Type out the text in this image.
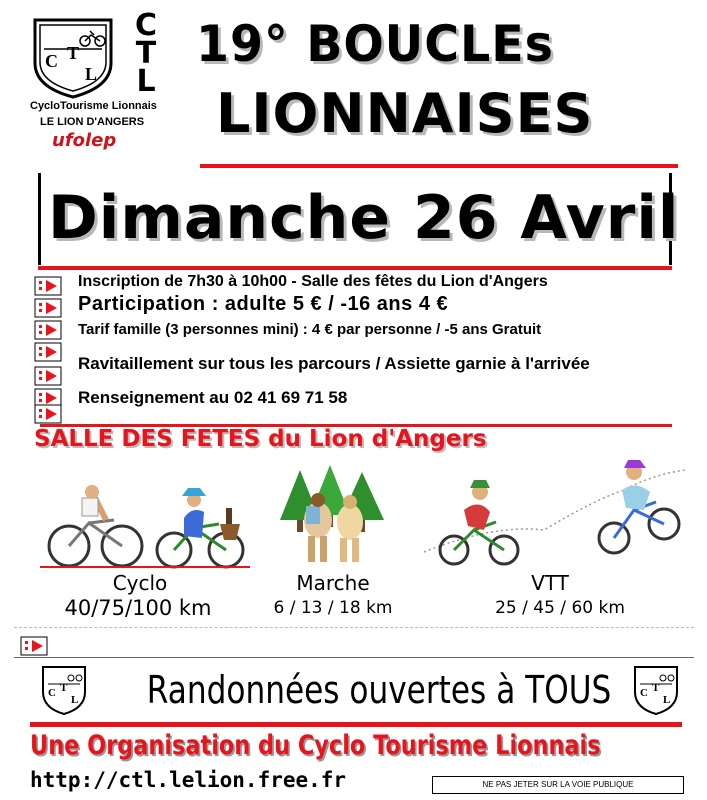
C T
L
C
T
L
CycloTourisme Lionnais
LE LION D'ANGERS
ufolep
19° BOUCLEs
LIONNAISES
Dimanche 26 Avril
Inscription de 7h30 à 10h00 - Salle des fêtes du Lion d'Angers
Participation : adulte 5 € / -16 ans 4 €
Tarif famille (3 personnes mini) : 4 € par personne / -5 ans Gratuit
Ravitaillement sur tous les parcours / Assiette garnie à l'arrivée
Renseignement au 02 41 69 71 58
SALLE DES FETES du Lion d'Angers
Cyclo
40/75/100 km
Marche
6 / 13 / 18 km
VTT
25 / 45 / 60 km
C T
L
C T
L
Randonnées ouvertes à TOUS
Une Organisation du Cyclo Tourisme Lionnais
http://ctl.lelion.free.fr	NE PAS JETER SUR LA VOIE PUBLIQUE
